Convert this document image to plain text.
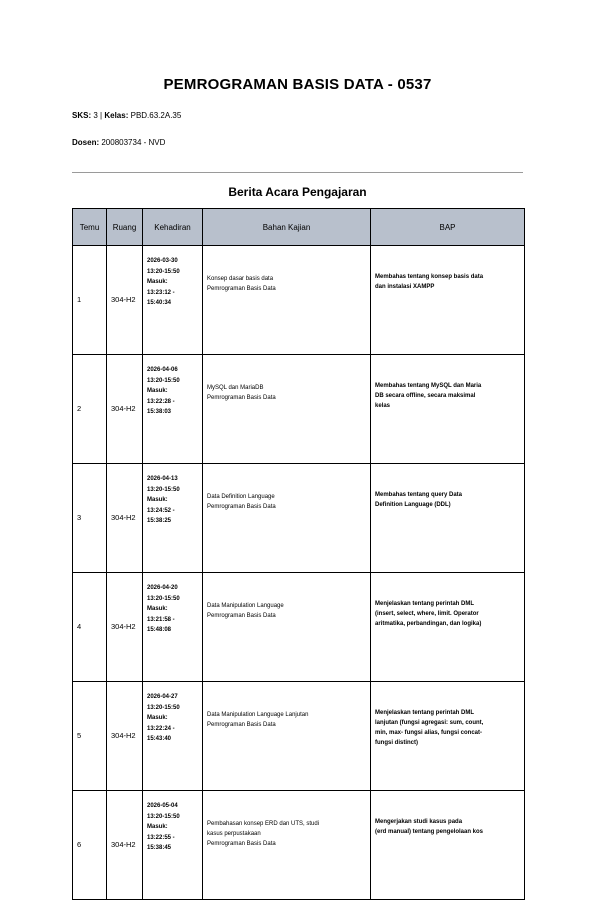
PEMROGRAMAN BASIS DATA - 0537

SKS: 3 | Kelas: PBD.63.2A.35

Dosen: 200803734 - NVD

Berita Acara Pengajaran
Temu	Ruang	Kehadiran	Bahan Kajian	BAP
1	304-H2	2026-03-30
13:20-15:50
Masuk:
13:23:12 -
15:40:34	Konsep dasar basis data
Pemrograman Basis Data	Membahas tentang konsep basis data
dan instalasi XAMPP

2	304-H2	2026-04-06
13:20-15:50
Masuk:
13:22:28 -
15:38:03	MySQL dan MariaDB
Pemrograman Basis Data	Membahas tentang MySQL dan Maria
DB secara offline, secara maksimal
kelas

3	304-H2	2026-04-13
13:20-15:50
Masuk:
13:24:52 -
15:38:25	Data Definition Language
Pemrograman Basis Data	Membahas tentang query Data
Definition Language (DDL)

4	304-H2	2026-04-20
13:20-15:50
Masuk:
13:21:58 -
15:48:08	Data Manipulation Language
Pemrograman Basis Data	Menjelaskan tentang perintah DML
(insert, select, where, limit. Operator
aritmatika, perbandingan, dan logika)

5	304-H2	2026-04-27
13:20-15:50
Masuk:
13:22:24 -
15:43:40	Data Manipulation Language Lanjutan
Pemrograman Basis Data	Menjelaskan tentang perintah DML
lanjutan (fungsi agregasi: sum, count,
min, max- fungsi alias, fungsi concat-
fungsi distinct)

6	304-H2	2026-05-04
13:20-15:50
Masuk:
13:22:55 -
15:38:45	Pembahasan konsep ERD dan UTS, studi
kasus perpustakaan
Pemrograman Basis Data	Mengerjakan studi kasus pada
(erd manual) tentang pengelolaan kos
